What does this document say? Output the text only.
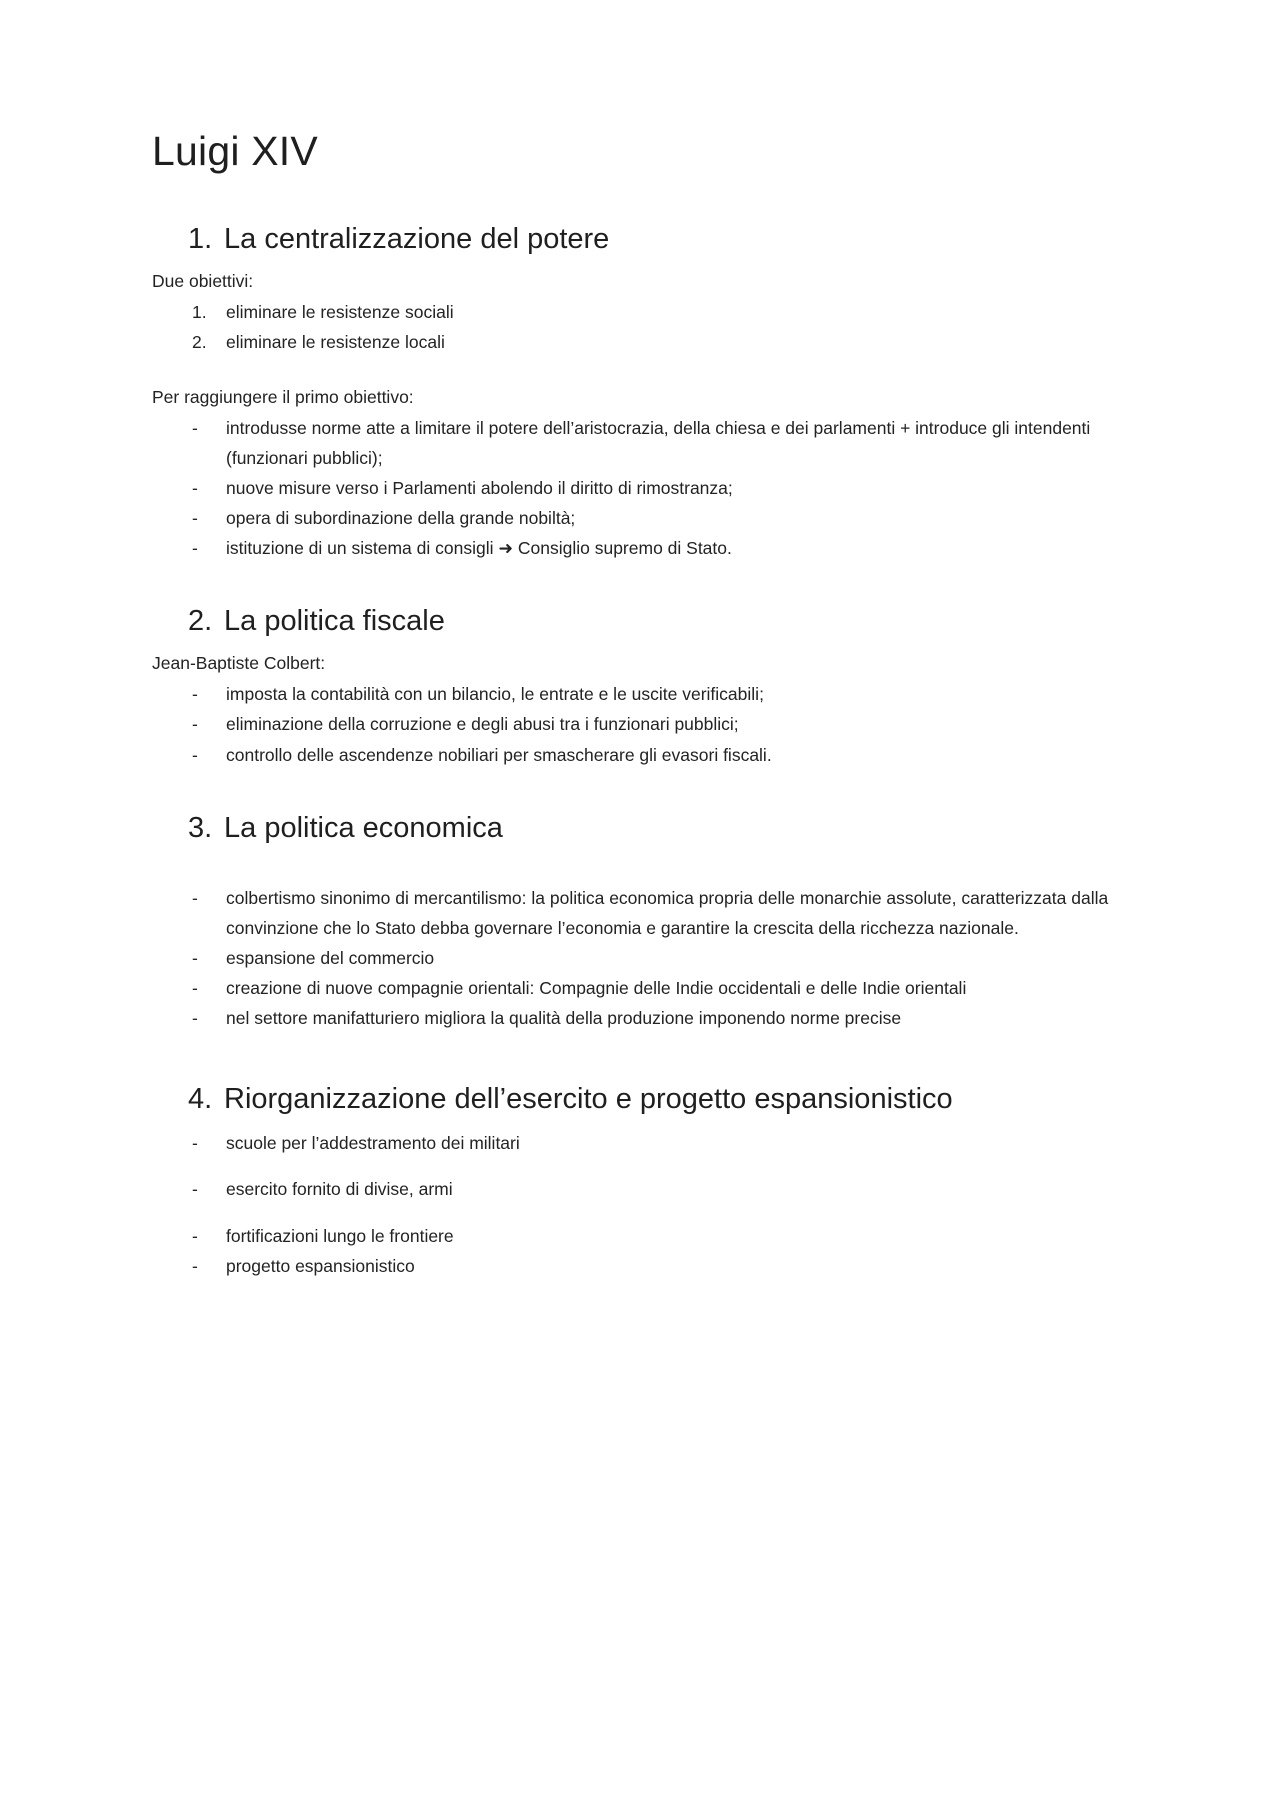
Luigi XIV
1. La centralizzazione del potere

Due obiettivi:

1. eliminare le resistenze sociali
2. eliminare le resistenze locali

Per raggiungere il primo obiettivo:

- introdusse norme atte a limitare il potere dell’aristocrazia, della chiesa e dei parlamenti + introduce gli intendenti (funzionari pubblici);
- nuove misure verso i Parlamenti abolendo il diritto di rimostranza;
- opera di subordinazione della grande nobiltà;
- istituzione di un sistema di consigli ➜ Consiglio supremo di Stato.
2. La politica fiscale

Jean-Baptiste Colbert:

- imposta la contabilità con un bilancio, le entrate e le uscite verificabili;
- eliminazione della corruzione e degli abusi tra i funzionari pubblici;
- controllo delle ascendenze nobiliari per smascherare gli evasori fiscali.
3. La politica economica
- colbertismo sinonimo di mercantilismo: la politica economica propria delle monarchie assolute, caratterizzata dalla convinzione che lo Stato debba governare l’economia e garantire la crescita della ricchezza nazionale.
- espansione del commercio
- creazione di nuove compagnie orientali: Compagnie delle Indie occidentali e delle Indie orientali
- nel settore manifatturiero migliora la qualità della produzione imponendo norme precise
4. Riorganizzazione dell’esercito e progetto espansionistico
- scuole per l’addestramento dei militari
- esercito fornito di divise, armi
- fortificazioni lungo le frontiere
- progetto espansionistico
